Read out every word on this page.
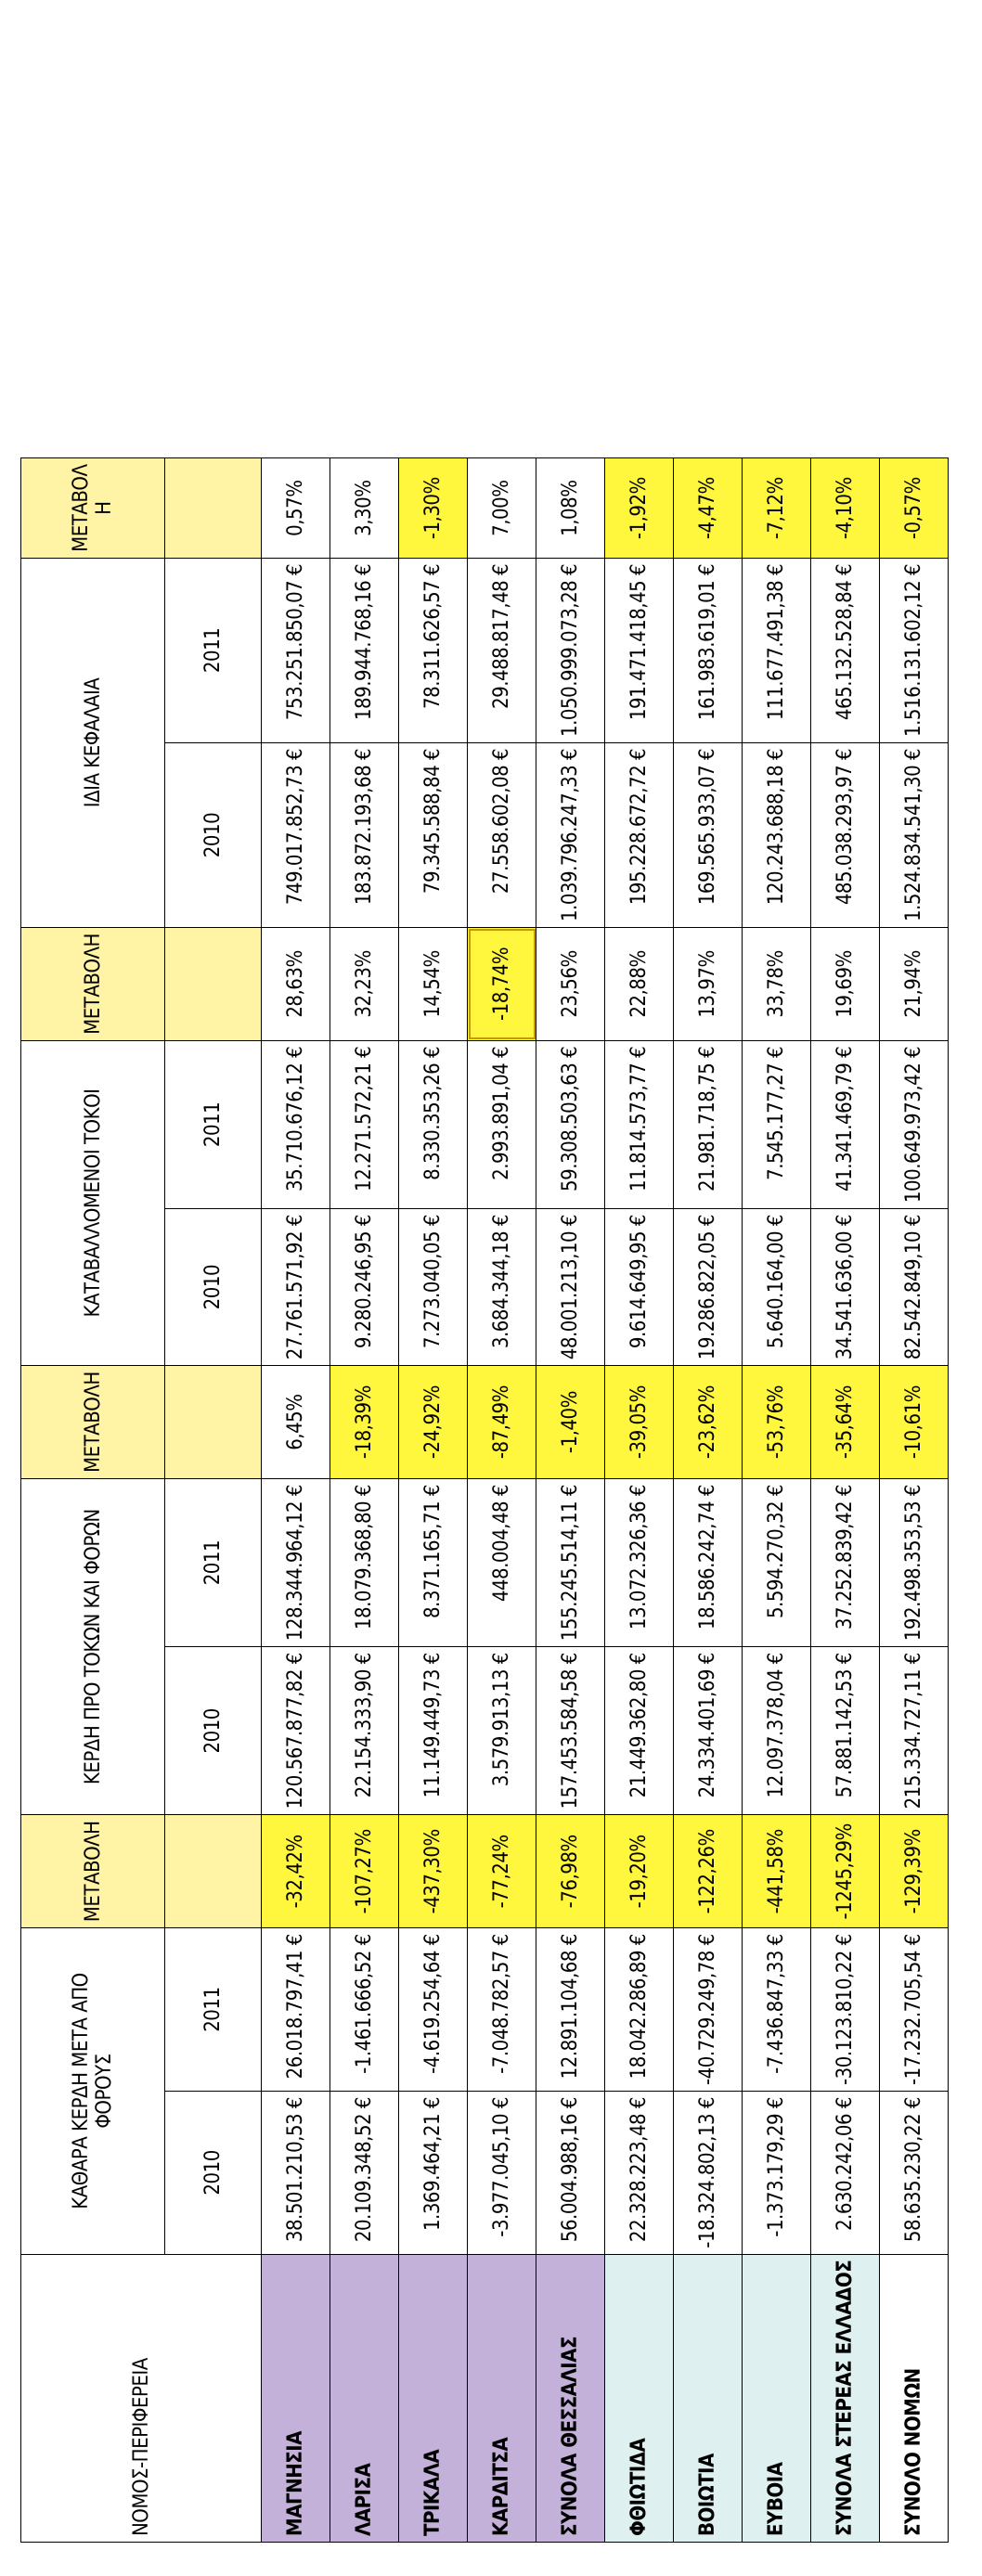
ΝΟΜΟΣ-ΠΕΡΙΦΕΡΕΙΑ	ΚΑΘΑΡΑ ΚΕΡΔΗ ΜΕΤΑ ΑΠΟ ΦΟΡΟΥΣ		ΜΕΤΑΒΟΛΗ	ΚΕΡΔΗ ΠΡΟ ΤΟΚΩΝ ΚΑΙ ΦΟΡΩΝ		ΜΕΤΑΒΟΛΗ	ΚΑΤΑΒΑΛΛΟΜΕΝΟΙ ΤΟΚΟΙ		ΜΕΤΑΒΟΛΗ	ΙΔΙΑ ΚΕΦΑΛΑΙΑ		ΜΕΤΑΒΟΛ Η
	2010	2011		2010	2011		2010	2011		2010	2011	
ΜΑΓΝΗΣΙΑ	38.501.210,53 €	26.018.797,41 €	-32,42%	120.567.877,82 €	128.344.964,12 €	6,45%	27.761.571,92 €	35.710.676,12 €	28,63%	749.017.852,73 €	753.251.850,07 €	0,57%
ΛΑΡΙΣΑ	20.109.348,52 €	-1.461.666,52 €	-107,27%	22.154.333,90 €	18.079.368,80 €	-18,39%	9.280.246,95 €	12.271.572,21 €	32,23%	183.872.193,68 €	189.944.768,16 €	3,30%
ΤΡΙΚΑΛΑ	1.369.464,21 €	-4.619.254,64 €	-437,30%	11.149.449,73 €	8.371.165,71 €	-24,92%	7.273.040,05 €	8.330.353,26 €	14,54%	79.345.588,84 €	78.311.626,57 €	-1,30%
ΚΑΡΔΙΤΣΑ	-3.977.045,10 €	-7.048.782,57 €	-77,24%	3.579.913,13 €	448.004,48 €	-87,49%	3.684.344,18 €	2.993.891,04 €	-18,74%	27.558.602,08 €	29.488.817,48 €	7,00%
ΣΥΝΟΛΑ ΘΕΣΣΑΛΙΑΣ	56.004.988,16 €	12.891.104,68 €	-76,98%	157.453.584,58 €	155.245.514,11 €	-1,40%	48.001.213,10 €	59.308.503,63 €	23,56%	1.039.796.247,33 €	1.050.999.073,28 €	1,08%
ΦΘΙΩΤΙΔΑ	22.328.223,48 €	18.042.286,89 €	-19,20%	21.449.362,80 €	13.072.326,36 €	-39,05%	9.614.649,95 €	11.814.573,77 €	22,88%	195.228.672,72 €	191.471.418,45 €	-1,92%
ΒΟΙΩΤΙΑ	-18.324.802,13 €	-40.729.249,78 €	-122,26%	24.334.401,69 €	18.586.242,74 €	-23,62%	19.286.822,05 €	21.981.718,75 €	13,97%	169.565.933,07 €	161.983.619,01 €	-4,47%
ΕΥΒΟΙΑ	-1.373.179,29 €	-7.436.847,33 €	-441,58%	12.097.378,04 €	5.594.270,32 €	-53,76%	5.640.164,00 €	7.545.177,27 €	33,78%	120.243.688,18 €	111.677.491,38 €	-7,12%
ΣΥΝΟΛΑ ΣΤΕΡΕΑΣ ΕΛΛΑΔΟΣ	2.630.242,06 €	-30.123.810,22 €	-1245,29%	57.881.142,53 €	37.252.839,42 €	-35,64%	34.541.636,00 €	41.341.469,79 €	19,69%	485.038.293,97 €	465.132.528,84 €	-4,10%
ΣΥΝΟΛΟ ΝΟΜΩΝ	58.635.230,22 €	-17.232.705,54 €	-129,39%	215.334.727,11 €	192.498.353,53 €	-10,61%	82.542.849,10 €	100.649.973,42 €	21,94%	1.524.834.541,30 €	1.516.131.602,12 €	-0,57%
